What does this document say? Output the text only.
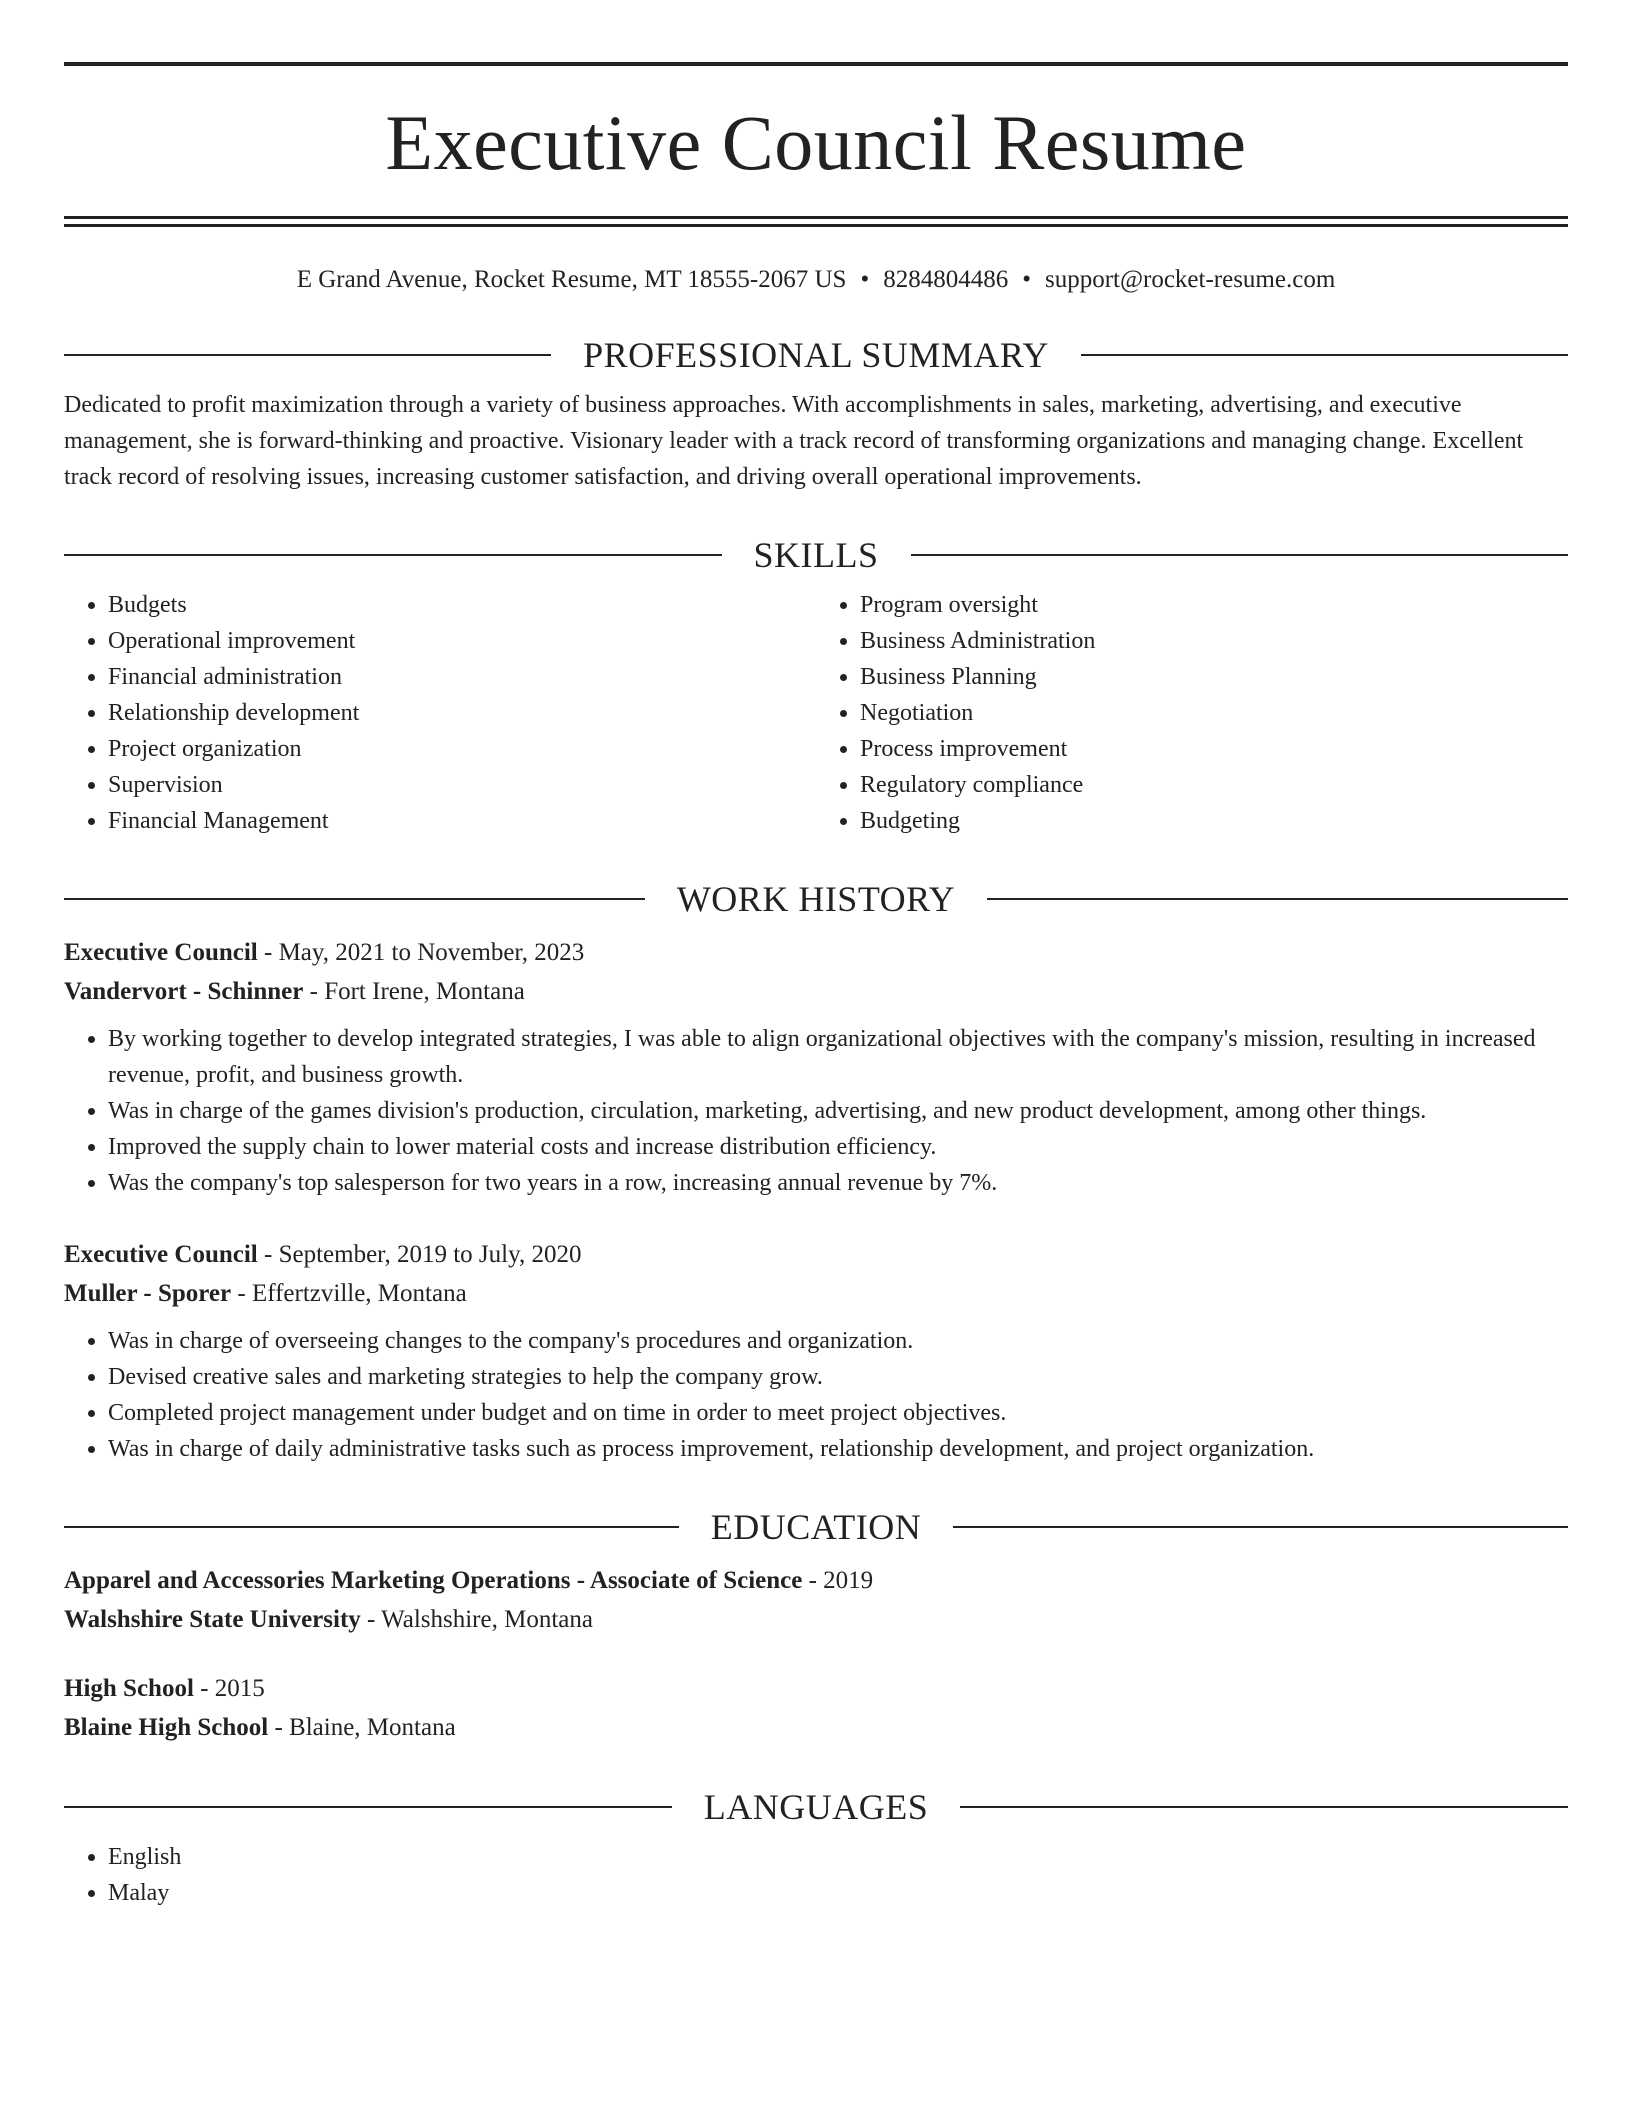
Executive Council Resume
E Grand Avenue, Rocket Resume, MT 18555-2067 US • 8284804486 • support@rocket-resume.com
PROFESSIONAL SUMMARY

Dedicated to profit maximization through a variety of business approaches. With accomplishments in sales, marketing, advertising, and executive management, she is forward-thinking and proactive. Visionary leader with a track record of transforming organizations and managing change. Excellent track record of resolving issues, increasing customer satisfaction, and driving overall operational improvements.

SKILLS
• Budgets
• Operational improvement
• Financial administration
• Relationship development
• Project organization
• Supervision
• Financial Management
• Program oversight
• Business Administration
• Business Planning
• Negotiation
• Process improvement
• Regulatory compliance
• Budgeting
WORK HISTORY

Executive Council - May, 2021 to November, 2023

Vandervort - Schinner - Fort Irene, Montana

• By working together to develop integrated strategies, I was able to align organizational objectives with the company's mission, resulting in increased revenue, profit, and business growth.
• Was in charge of the games division's production, circulation, marketing, advertising, and new product development, among other things.
• Improved the supply chain to lower material costs and increase distribution efficiency.
• Was the company's top salesperson for two years in a row, increasing annual revenue by 7%.

Executive Council - September, 2019 to July, 2020

Muller - Sporer - Effertzville, Montana

• Was in charge of overseeing changes to the company's procedures and organization.
• Devised creative sales and marketing strategies to help the company grow.
• Completed project management under budget and on time in order to meet project objectives.
• Was in charge of daily administrative tasks such as process improvement, relationship development, and project organization.
EDUCATION

Apparel and Accessories Marketing Operations - Associate of Science - 2019

Walshshire State University - Walshshire, Montana

High School - 2015

Blaine High School - Blaine, Montana

LANGUAGES
• English
• Malay
